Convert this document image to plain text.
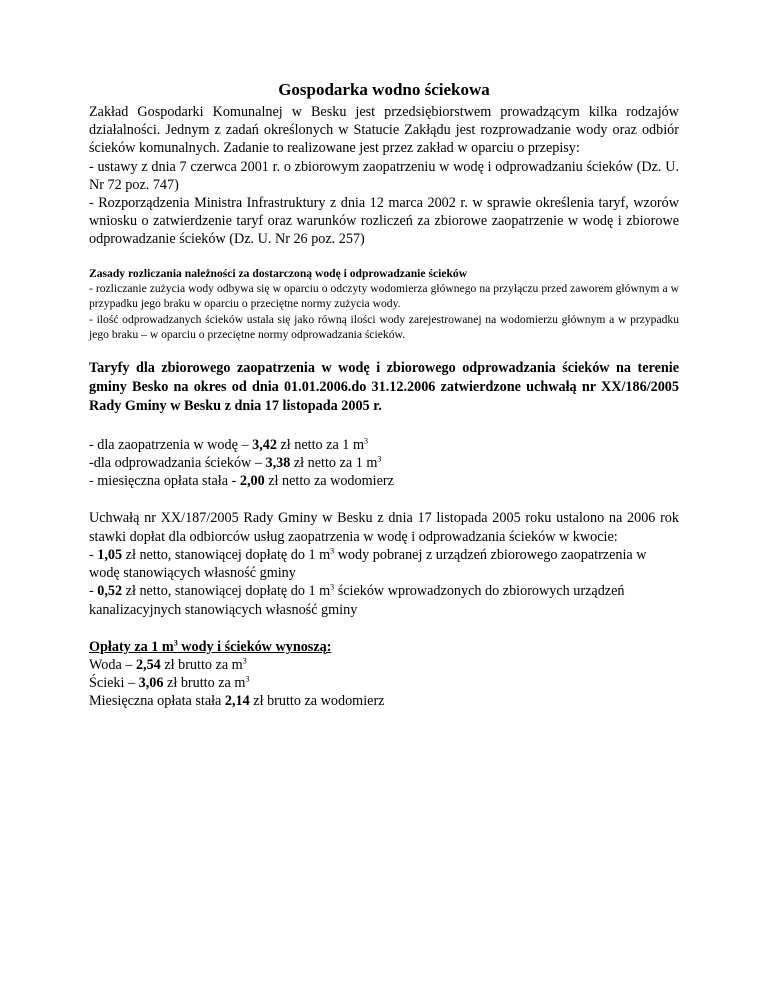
Gospodarka wodno ściekowa

Zakład Gospodarki Komunalnej w Besku jest przedsiębiorstwem prowadzącym kilka rodzajów działalności. Jednym z zadań określonych w Statucie Zakłądu jest rozprowadzanie wody oraz odbiór ścieków komunalnych. Zadanie to realizowane jest przez zakład w oparciu o przepisy:

- ustawy z dnia 7 czerwca 2001 r. o zbiorowym zaopatrzeniu w wodę i odprowadzaniu ścieków (Dz. U. Nr 72 poz. 747)

- Rozporządzenia Ministra Infrastruktury z dnia 12 marca 2002 r. w sprawie określenia taryf, wzorów wniosku o zatwierdzenie taryf oraz warunków rozliczeń za zbiorowe zaopatrzenie w wodę i zbiorowe odprowadzanie ścieków (Dz. U. Nr 26 poz. 257)

Zasady rozliczania należności za dostarczoną wodę i odprowadzanie ścieków

- rozliczanie zużycia wody odbywa się w oparciu o odczyty wodomierza głównego na przyłączu przed zaworem głównym a w przypadku jego braku w oparciu o przeciętne normy zużycia wody.

- ilość odprowadzanych ścieków ustala się jako równą ilości wody zarejestrowanej na wodomierzu głównym a w przypadku jego braku – w oparciu o przeciętne normy odprowadzania ścieków.

Taryfy dla zbiorowego zaopatrzenia w wodę i zbiorowego odprowadzania ścieków na terenie gminy Besko na okres od dnia 01.01.2006.do 31.12.2006 zatwierdzone uchwałą nr XX/186/2005 Rady Gminy w Besku z dnia 17 listopada 2005 r.

- dla zaopatrzenia w wodę – 3,42 zł netto za 1 $m^3$

-dla odprowadzania ścieków – 3,38 zł netto za 1 $m^3$

- miesięczna opłata stała - 2,00 zł netto za wodomierz

Uchwałą nr XX/187/2005 Rady Gminy w Besku z dnia 17 listopada 2005 roku ustalono na 2006 rok stawki dopłat dla odbiorców usług zaopatrzenia w wodę i odprowadzania ścieków w kwocie:

- 1,05 zł netto, stanowiącej dopłatę do 1 $m^3$ wody pobranej z urządzeń zbiorowego zaopatrzenia w wodę stanowiących własność gminy

- 0,52 zł netto, stanowiącej dopłatę do 1 $m^3$ ścieków wprowadzonych do zbiorowych urządzeń kanalizacyjnych stanowiących własność gminy

Opłaty za 1 $m^3$ wody i ścieków wynoszą:

Woda – 2,54 zł brutto za $m^3$

Ścieki – 3,06 zł brutto za $m^3$

Miesięczna opłata stała 2,14 zł brutto za wodomierz
